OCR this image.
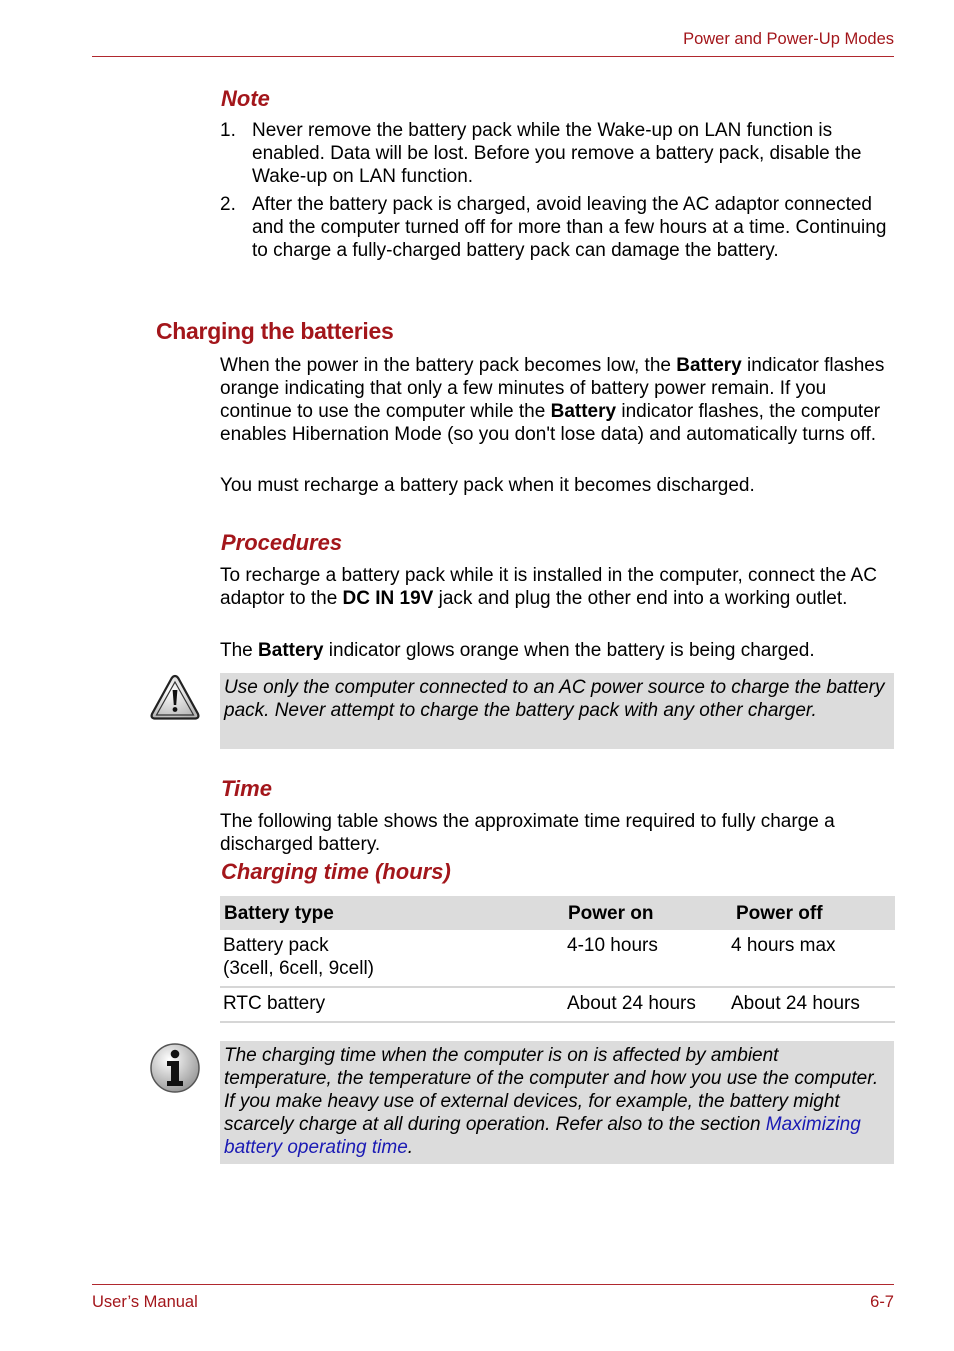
Power and Power-Up Modes
Note
1. Never remove the battery pack while the Wake-up on LAN function is enabled. Data will be lost. Before you remove a battery pack, disable the Wake-up on LAN function.
2. After the battery pack is charged, avoid leaving the AC adaptor connected and the computer turned off for more than a few hours at a time. Continuing to charge a fully-charged battery pack can damage the battery.
Charging the batteries

When the power in the battery pack becomes low, the Battery indicator flashes orange indicating that only a few minutes of battery power remain. If you continue to use the computer while the Battery indicator flashes, the computer enables Hibernation Mode (so you don't lose data) and automatically turns off.

You must recharge a battery pack when it becomes discharged.

Procedures

To recharge a battery pack while it is installed in the computer, connect the AC adaptor to the DC IN 19V jack and plug the other end into a working outlet.

The Battery indicator glows orange when the battery is being charged.

Use only the computer connected to an AC power source to charge the battery pack. Never attempt to charge the battery pack with any other charger.
Time

The following table shows the approximate time required to fully charge a discharged battery.

Charging time (hours)
Battery type	Power on	Power off

Battery pack
(3cell, 6cell, 9cell)	4-10 hours	4 hours max
RTC battery	About 24 hours	About 24 hours
The charging time when the computer is on is affected by ambient temperature, the temperature of the computer and how you use the computer. If you make heavy use of external devices, for example, the battery might scarcely charge at all during operation. Refer also to the section Maximizing battery operating time.
User’s Manual	6-7
